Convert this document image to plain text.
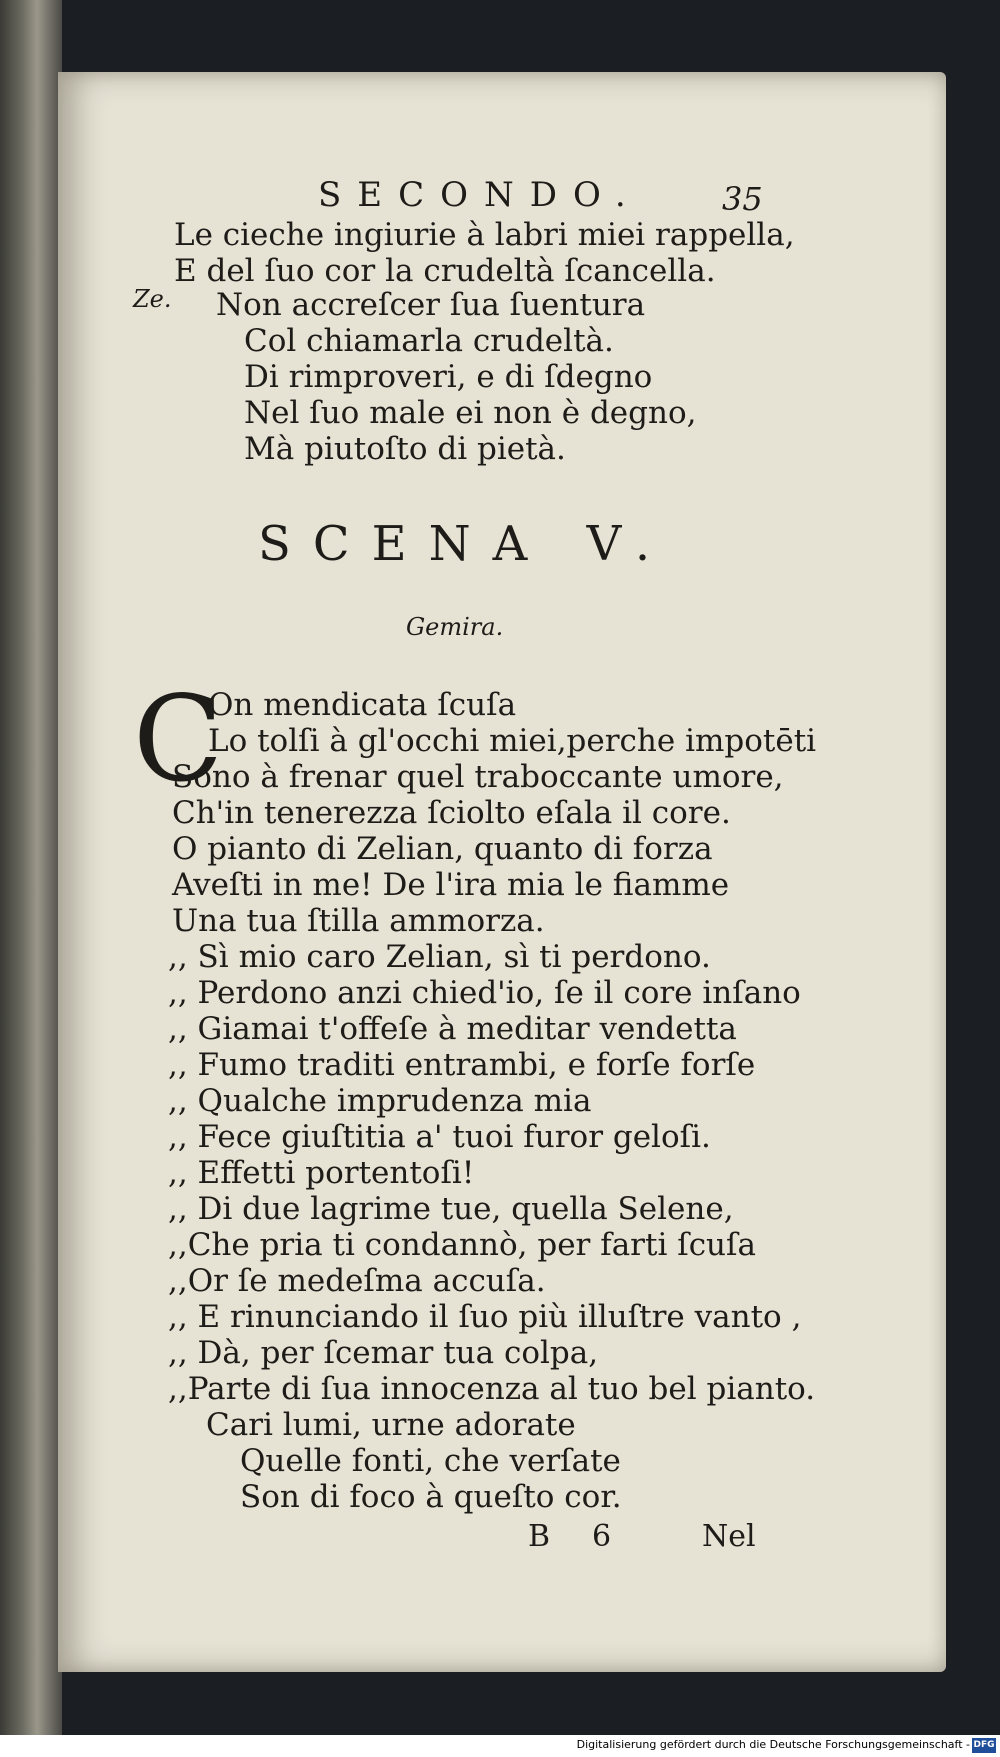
SECONDO.	35
Le cieche ingiurie à labri miei rappella,
E del ſuo cor la crudeltà ſcancella.
Ze. Non accreſcer ſua ſuentura
Col chiamarla crudeltà.
Di rimproveri, e di ſdegno
Nel ſuo male ei non è degno,
Mà piutoſto di pietà.
SCENA V.
Gemira.
C
On mendicata ſcuſa
Lo tolſi à gl'occhi miei,perche impotēti
Sono à frenar quel traboccante umore,
Ch'in tenerezza ſciolto eſala il core.
O pianto di Zelian, quanto di forza
Aveſti in me! De l'ira mia le fiamme
Una tua ſtilla ammorza.
,, Sì mio caro Zelian, sì ti perdono.
,, Perdono anzi chied'io, ſe il core inſano
,, Giamai t'offeſe à meditar vendetta
,, Fumo traditi entrambi, e forſe forſe
,, Qualche imprudenza mia
,, Fece giuſtitia a' tuoi furor geloſi.
,, Effetti portentoſi!
,, Di due lagrime tue, quella Selene,
,,Che pria ti condannò, per farti ſcuſa
,,Or ſe medeſma accuſa.
,, E rinunciando il ſuo più illuſtre vanto ,
,, Dà, per ſcemar tua colpa,
,,Parte di ſua innocenza al tuo bel pianto.
Cari lumi, urne adorate
Quelle fonti, che verſate
Son di foco à queſto cor.
B 6	Nel
Digitalisierung gefördert durch die Deutsche Forschungsgemeinschaft - DFG
